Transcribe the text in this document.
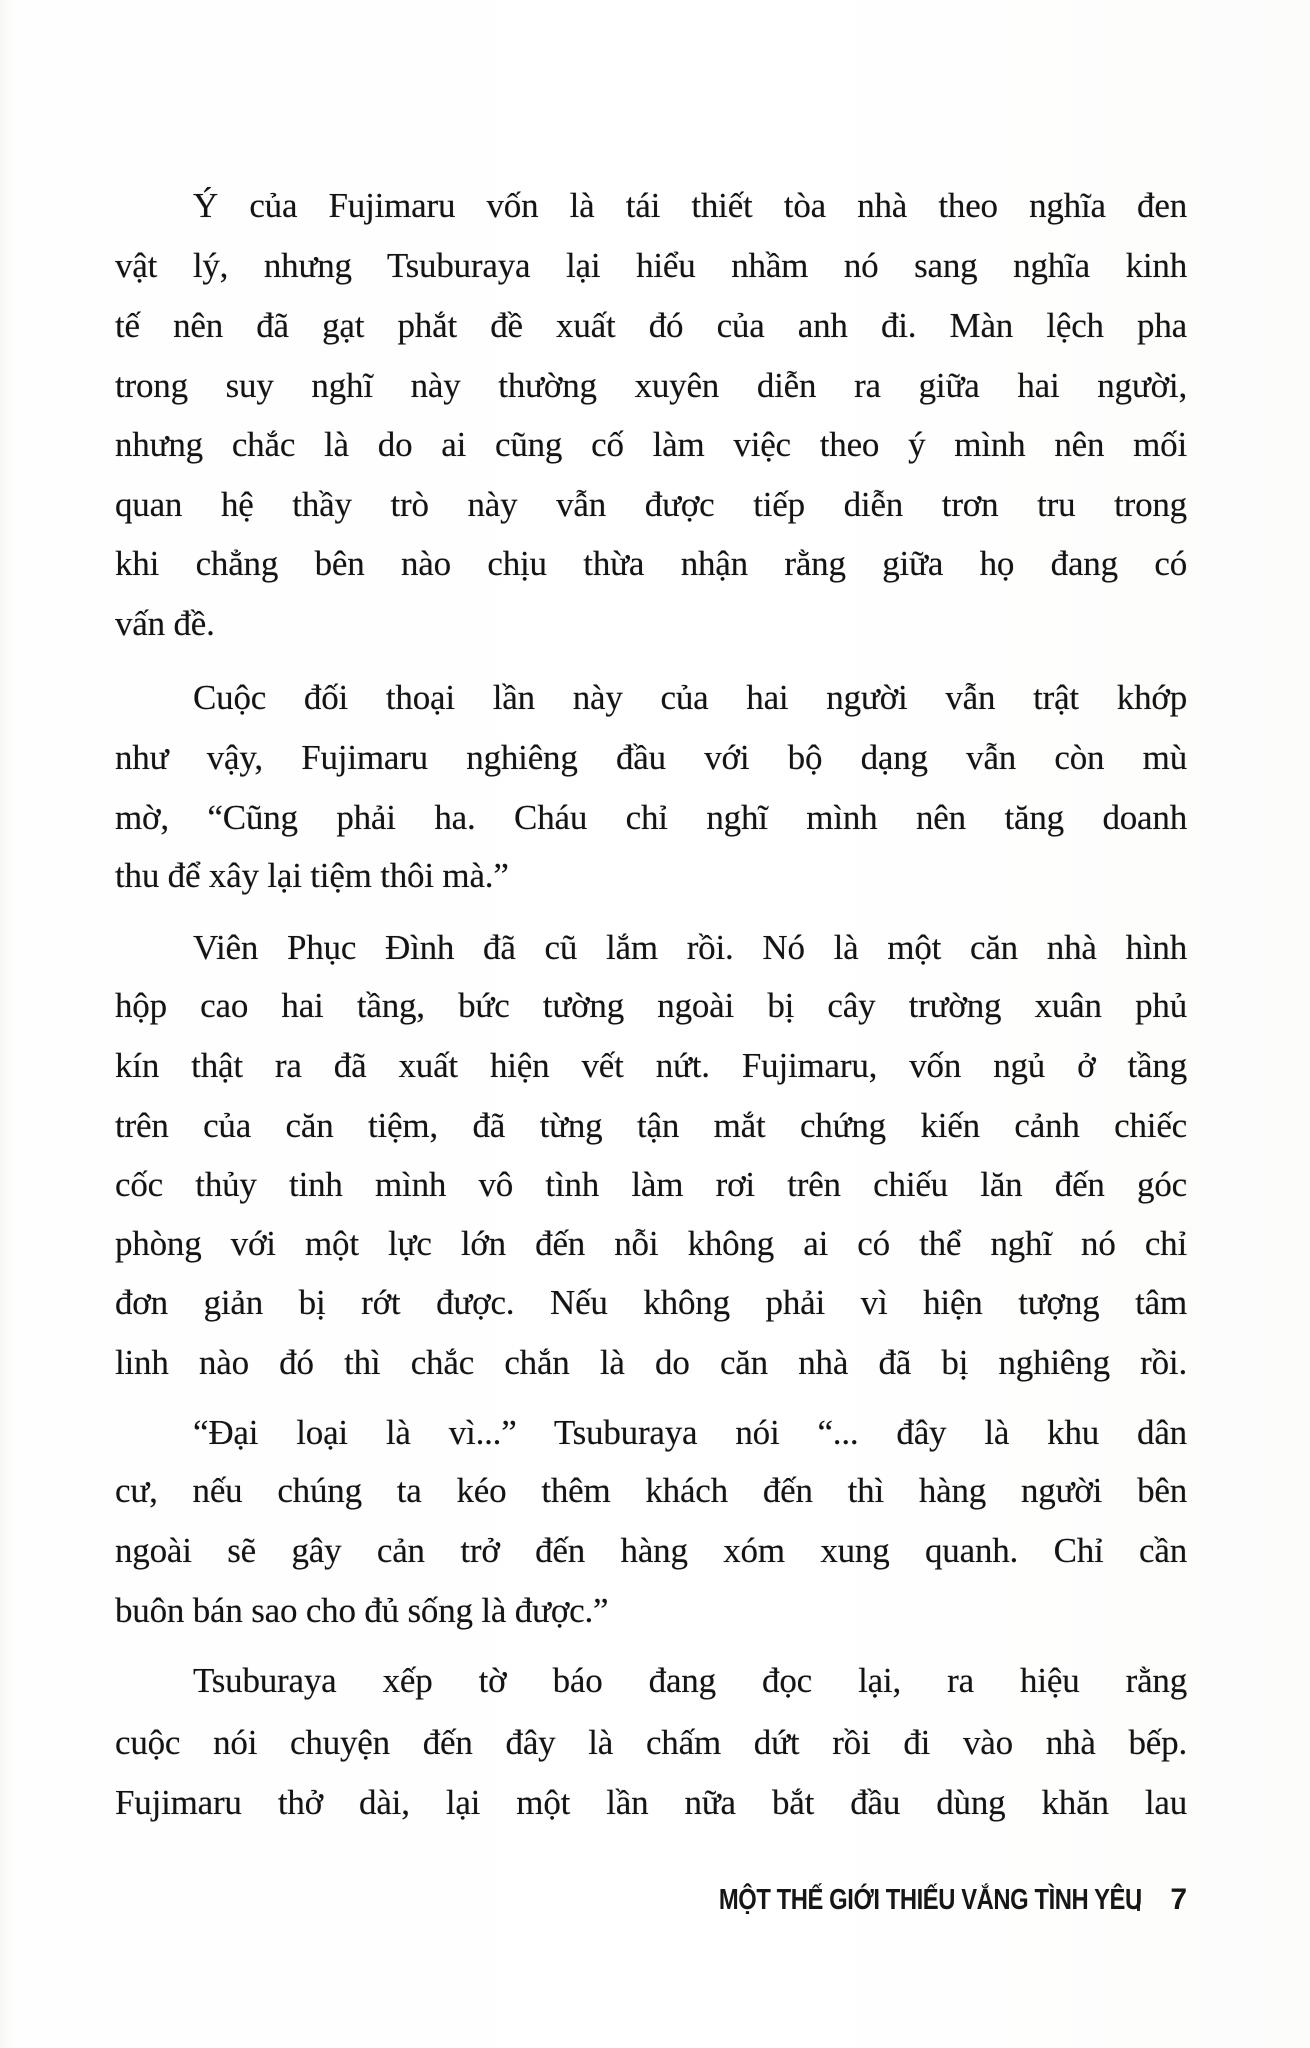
Ý của Fujimaru vốn là tái thiết tòa nhà theo nghĩa đen
vật lý, nhưng Tsuburaya lại hiểu nhầm nó sang nghĩa kinh
tế nên đã gạt phắt đề xuất đó của anh đi. Màn lệch pha
trong suy nghĩ này thường xuyên diễn ra giữa hai người,
nhưng chắc là do ai cũng cố làm việc theo ý mình nên mối
quan hệ thầy trò này vẫn được tiếp diễn trơn tru trong
khi chẳng bên nào chịu thừa nhận rằng giữa họ đang có
vấn đề.
Cuộc đối thoại lần này của hai người vẫn trật khớp
như vậy, Fujimaru nghiêng đầu với bộ dạng vẫn còn mù
mờ, “Cũng phải ha. Cháu chỉ nghĩ mình nên tăng doanh
thu để xây lại tiệm thôi mà.”
Viên Phục Đình đã cũ lắm rồi. Nó là một căn nhà hình
hộp cao hai tầng, bức tường ngoài bị cây trường xuân phủ
kín thật ra đã xuất hiện vết nứt. Fujimaru, vốn ngủ ở tầng
trên của căn tiệm, đã từng tận mắt chứng kiến cảnh chiếc
cốc thủy tinh mình vô tình làm rơi trên chiếu lăn đến góc
phòng với một lực lớn đến nỗi không ai có thể nghĩ nó chỉ
đơn giản bị rớt được. Nếu không phải vì hiện tượng tâm
linh nào đó thì chắc chắn là do căn nhà đã bị nghiêng rồi.
“Đại loại là vì...” Tsuburaya nói “... đây là khu dân
cư, nếu chúng ta kéo thêm khách đến thì hàng người bên
ngoài sẽ gây cản trở đến hàng xóm xung quanh. Chỉ cần
buôn bán sao cho đủ sống là được.”
Tsuburaya xếp tờ báo đang đọc lại, ra hiệu rằng
cuộc nói chuyện đến đây là chấm dứt rồi đi vào nhà bếp.
Fujimaru thở dài, lại một lần nữa bắt đầu dùng khăn lau
MỘT THẾ GIỚI THIẾU VẮNG TÌNH YÊU 7
